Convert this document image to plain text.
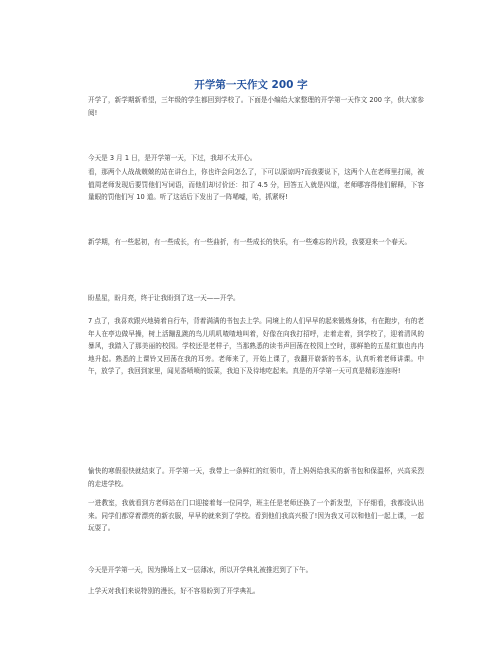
开学第一天作文 200 字
开学了，新学期新希望，三年级的学生都回到学校了。下面是小编给大家整理的开学第一天作文 200 字，供大家参阅!
今天是 3 月 1 日，是开学第一天，下过，我却不太开心。
看，那两个人战战兢兢的站在讲台上，你也许会问怎么了，下可以原谅吗?而我要说下，这两个人在老师里打闹，被值周老师发现后要罚他们写词语，而他们却讨价还：扣了 4.5 分，回答五入就是四道，老师哪容得他们解释，下容量眼的罚他们写 10 道。听了这话后下发出了一阵唏嘘，哈，抓紧呀!
新学期，有一些起初，有一些成长，有一些曲折，有一些成长的快乐，有一些难忘的片段，我要迎来一个春天。
盼星星，盼月亮，终于让我盼到了这一天——开学。
7 点了，我喜欢跟兴地骑着自行车，背着满满的书包去上学。同境上的人们早早的起来锻炼身体，有在跑步，有的老年人在亭边做早操，树上活蹦乱跳的鸟儿叽叽喳喳地叫着，好像在向我打招呼，走着走着，到学校了，迎着清风的暴风，我踏入了那美丽的校园。学校还是老样子，当那熟悉的读书声回荡在校园上空时，那鲜艳的五星红旗也冉冉地升起。熟悉的上课铃又回荡在我的耳旁。老师来了，开始上课了，我翻开崭新的书本，认真听着老师讲课。中午，放学了，我回到家里，闻见香喷喷的饭菜，我迫下及待地吃起来。真是的开学第一天可真是精彩连连呀!
愉快的寒假很快就结束了。开学第一天，我带上一条鲜红的红领巾，背上妈妈给我买的新书包和保温杯，兴高采烈的走进学校。
一进教室，我就看到方老师站在门口迎接着每一位同学，班主任是老师还换了一个新发型，下仔细看，我都没认出来。同学们都穿着漂亮的新衣服，早早的就来到了学校。看到他们我高兴极了!因为我又可以和他们一起上课，一起玩耍了。
今天是开学第一天，因为操场上又一层薄冰，所以开学典礼被推迟到了下午。
上学天对我们来说特别的漫长，好不容易盼到了开学典礼。
